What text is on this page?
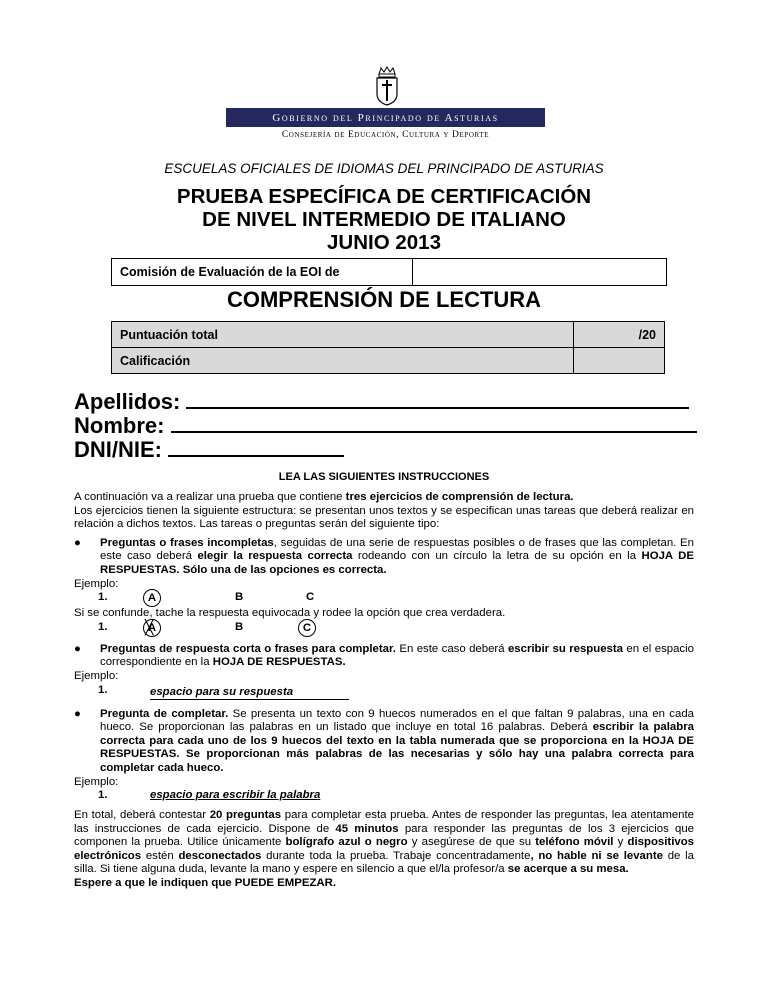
Gobierno del Principado de Asturias
Consejería de Educación, Cultura y Deporte
ESCUELAS OFICIALES DE IDIOMAS DEL PRINCIPADO DE ASTURIAS
PRUEBA ESPECÍFICA DE CERTIFICACIÓN
DE NIVEL INTERMEDIO DE ITALIANO
JUNIO 2013
Comisión de Evaluación de la EOI de
COMPRENSIÓN DE LECTURA
Puntuación total	/20
Calificación	
Apellidos:
Nombre:
DNI/NIE:
LEA LAS SIGUIENTES INSTRUCCIONES

A continuación va a realizar una prueba que contiene tres ejercicios de comprensión de lectura.

Los ejercicios tienen la siguiente estructura: se presentan unos textos y se especifican unas tareas que deberá realizar en relación a dichos textos. Las tareas o preguntas serán del siguiente tipo:

● Preguntas o frases incompletas, seguidas de una serie de respuestas posibles o de frases que las completan. En este caso deberá elegir la respuesta correcta rodeando con un círculo la letra de su opción en la HOJA DE RESPUESTAS. Sólo una de las opciones es correcta.

Ejemplo:

1.	A	B	C

Si se confunde, tache la respuesta equivocada y rodee la opción que crea verdadera.

1.	A ╳	B	C
● Preguntas de respuesta corta o frases para completar. En este caso deberá escribir su respuesta en el espacio correspondiente en la HOJA DE RESPUESTAS.

Ejemplo:

1.	espacio para su respuesta
● Pregunta de completar. Se presenta un texto con 9 huecos numerados en el que faltan 9 palabras, una en cada hueco. Se proporcionan las palabras en un listado que incluye en total 16 palabras. Deberá escribir la palabra correcta para cada uno de los 9 huecos del texto en la tabla numerada que se proporciona en la HOJA DE RESPUESTAS. Se proporcionan más palabras de las necesarias y sólo hay una palabra correcta para completar cada hueco.

Ejemplo:

1.	espacio para escribir la palabra

En total, deberá contestar 20 preguntas para completar esta prueba. Antes de responder las preguntas, lea atentamente las instrucciones de cada ejercicio. Dispone de 45 minutos para responder las preguntas de los 3 ejercicios que componen la prueba. Utilice únicamente bolígrafo azul o negro y asegúrese de que su teléfono móvil y dispositivos electrónicos estén desconectados durante toda la prueba. Trabaje concentradamente, no hable ni se levante de la silla. Si tiene alguna duda, levante la mano y espere en silencio a que el/la profesor/a se acerque a su mesa.

Espere a que le indiquen que PUEDE EMPEZAR.
